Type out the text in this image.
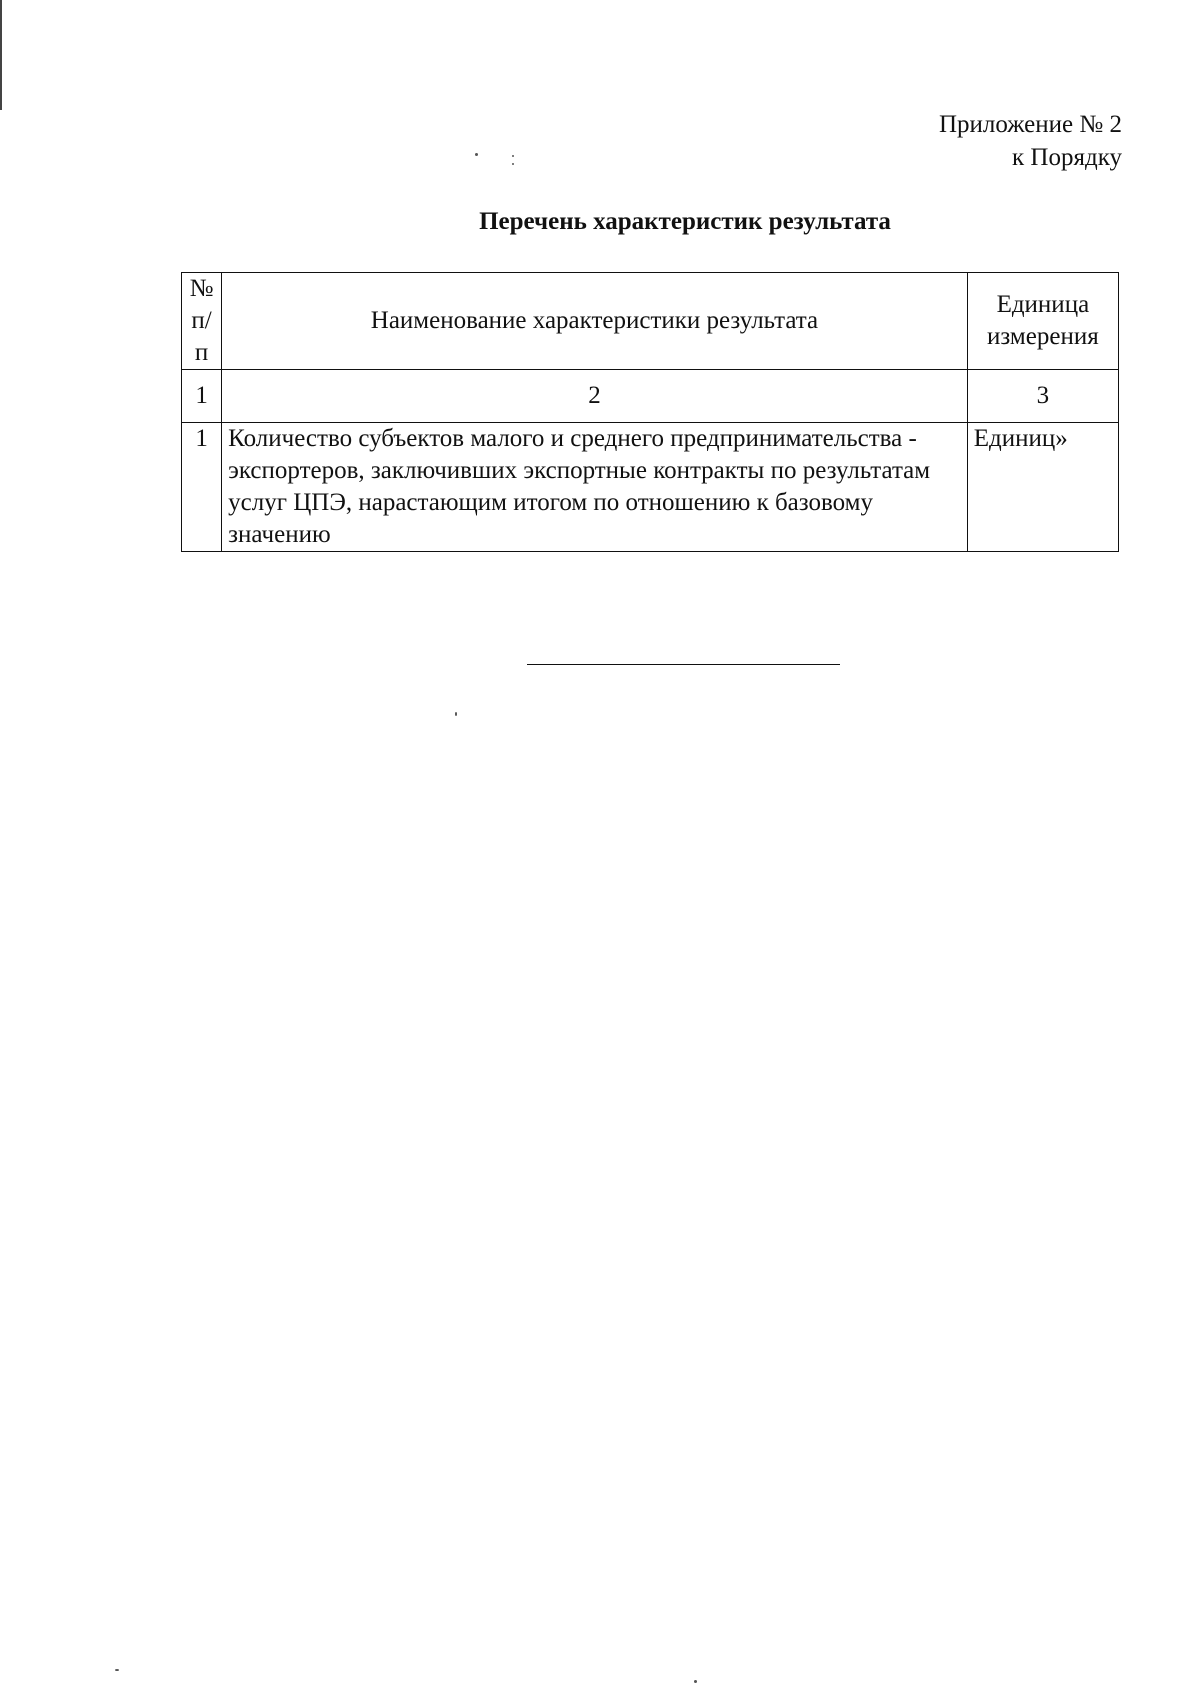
Приложение № 2
к Порядку
Перечень характеристик результата
№ п/п	Наименование характеристики результата	Единица измерения
1	2	3
1	Количество субъектов малого и среднего предпринимательства - экспортеров, заключивших экспортные контракты по результатам услуг ЦПЭ, нарастающим итогом по отношению к базовому значению	Единиц»
